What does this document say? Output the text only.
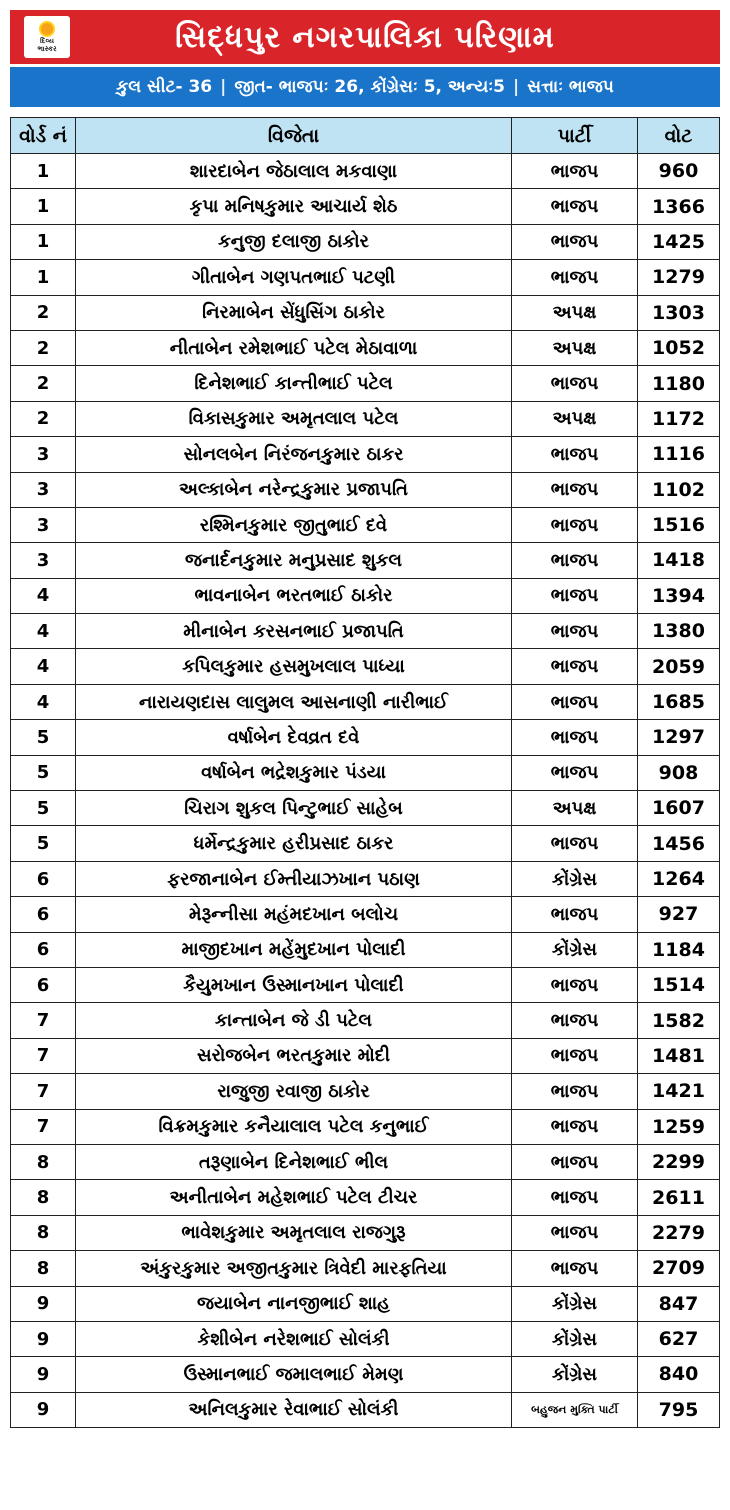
દિવ્ય
ભાસ્કર	સિદ્ધપુર નગરપાલિકા પરિણામ
કુલ સીટ- 36 | જીત- ભાજપઃ 26, કોંગ્રેસઃ 5, અન્યઃ5 | સત્તાઃ ભાજપ
વોર્ડ નં	વિજેતા	પાર્ટી	વોટ
1	શારદાબેન જેઠાલાલ મકવાણા	ભાજપ	960
1	કૃપા મનિષકુમાર આચાર્ય શેઠ	ભાજપ	1366
1	કનુજી દલાજી ઠાકોર	ભાજપ	1425
1	ગીતાબેન ગણપતભાઈ પટણી	ભાજપ	1279
2	નિરમાબેન સેંધુસિંગ ઠાકોર	અપક્ષ	1303
2	નીતાબેન રમેશભાઈ પટેલ મેઠાવાળા	અપક્ષ	1052
2	દિનેશભાઈ કાન્તીભાઈ પટેલ	ભાજપ	1180
2	વિકાસકુમાર અમૃતલાલ પટેલ	અપક્ષ	1172
3	સોનલબેન નિરંજનકુમાર ઠાકર	ભાજપ	1116
3	અલ્કાબેન નરેન્દ્રકુમાર પ્રજાપતિ	ભાજપ	1102
3	રશ્મિનકુમાર જીતુભાઈ દવે	ભાજપ	1516
3	જનાર્દનકુમાર મનુપ્રસાદ શુકલ	ભાજપ	1418
4	ભાવનાબેન ભરતભાઈ ઠાકોર	ભાજપ	1394
4	મીનાબેન કરસનભાઈ પ્રજાપતિ	ભાજપ	1380
4	કપિલકુમાર હસમુખલાલ પાધ્યા	ભાજપ	2059
4	નારાયણદાસ લાલુમલ આસનાણી નારીભાઈ	ભાજપ	1685
5	વર્ષાબેન દેવવ્રત દવે	ભાજપ	1297
5	વર્ષાબેન ભદ્રેશકુમાર પંડયા	ભાજપ	908
5	ચિરાગ શુકલ પિન્ટુભાઈ સાહેબ	અપક્ષ	1607
5	ધર્મેન્દ્રકુમાર હરીપ્રસાદ ઠાકર	ભાજપ	1456
6	ફરજાનાબેન ઈમ્તીયાઝખાન પઠાણ	કોંગ્રેસ	1264
6	મેરૂન્નીસા મહંમદખાન બલોચ	ભાજપ	927
6	માજીદખાન મહેંમુદખાન પોલાદી	કોંગ્રેસ	1184
6	કૈયુમખાન ઉસ્માનખાન પોલાદી	ભાજપ	1514
7	કાન્તાબેન જે ડી પટેલ	ભાજપ	1582
7	સરોજબેન ભરતકુમાર મોદી	ભાજપ	1481
7	રાજુજી રવાજી ઠાકોર	ભાજપ	1421
7	વિક્રમકુમાર કનૈયાલાલ પટેલ કનુભાઈ	ભાજપ	1259
8	તરૂણાબેન દિનેશભાઈ ભીલ	ભાજપ	2299
8	અનીતાબેન મહેશભાઈ પટેલ ટીચર	ભાજપ	2611
8	ભાવેશકુમાર અમૃતલાલ રાજગુરૂ	ભાજપ	2279
8	અંકુરકુમાર અજીતકુમાર ત્રિવેદી મારફતિયા	ભાજપ	2709
9	જયાબેન નાનજીભાઈ શાહ	કોંગ્રેસ	847
9	કેશીબેન નરેશભાઈ સોલંકી	કોંગ્રેસ	627
9	ઉસ્માનભાઈ જમાલભાઈ મેમણ	કોંગ્રેસ	840
9	અનિલકુમાર રેવાભાઈ સોલંકી	બહુજન મુક્તિ પાર્ટી	795
